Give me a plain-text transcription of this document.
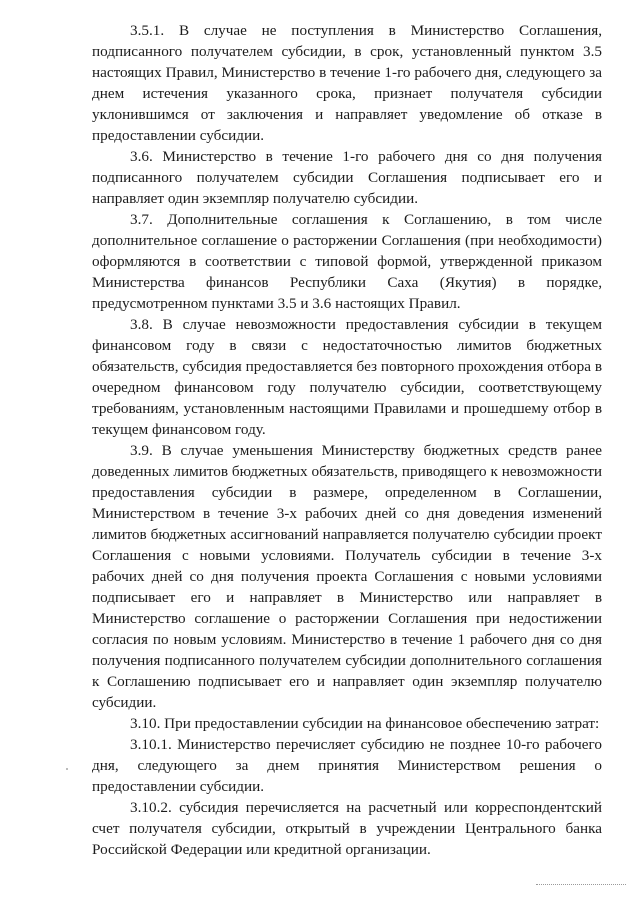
3.5.1. В случае не поступления в Министерство Соглашения, подписанного получателем субсидии, в срок, установленный пунктом 3.5 настоящих Правил, Министерство в течение 1-го рабочего дня, следующего за днем истечения указанного срока, признает получателя субсидии уклонившимся от заключения и направляет уведомление об отказе в предоставлении субсидии.

3.6. Министерство в течение 1-го рабочего дня со дня получения подписанного получателем субсидии Соглашения подписывает его и направляет один экземпляр получателю субсидии.

3.7. Дополнительные соглашения к Соглашению, в том числе дополнительное соглашение о расторжении Соглашения (при необходимости) оформляются в соответствии с типовой формой, утвержденной приказом Министерства финансов Республики Саха (Якутия) в порядке, предусмотренном пунктами 3.5 и 3.6 настоящих Правил.

3.8. В случае невозможности предоставления субсидии в текущем финансовом году в связи с недостаточностью лимитов бюджетных обязательств, субсидия предоставляется без повторного прохождения отбора в очередном финансовом году получателю субсидии, соответствующему требованиям, установленным настоящими Правилами и прошедшему отбор в текущем финансовом году.

3.9. В случае уменьшения Министерству бюджетных средств ранее доведенных лимитов бюджетных обязательств, приводящего к невозможности предоставления субсидии в размере, определенном в Соглашении, Министерством в течение 3-х рабочих дней со дня доведения изменений лимитов бюджетных ассигнований направляется получателю субсидии проект Соглашения с новыми условиями. Получатель субсидии в течение 3-х рабочих дней со дня получения проекта Соглашения с новыми условиями подписывает его и направляет в Министерство или направляет в Министерство соглашение о расторжении Соглашения при недостижении согласия по новым условиям. Министерство в течение 1 рабочего дня со дня получения подписанного получателем субсидии дополнительного соглашения к Соглашению подписывает его и направляет один экземпляр получателю субсидии.

3.10. При предоставлении субсидии на финансовое обеспечению затрат:

3.10.1. Министерство перечисляет субсидию не позднее 10-го рабочего дня, следующего за днем принятия Министерством решения о предоставлении субсидии.

3.10.2. субсидия перечисляется на расчетный или корреспондентский счет получателя субсидии, открытый в учреждении Центрального банка Российской Федерации или кредитной организации.
